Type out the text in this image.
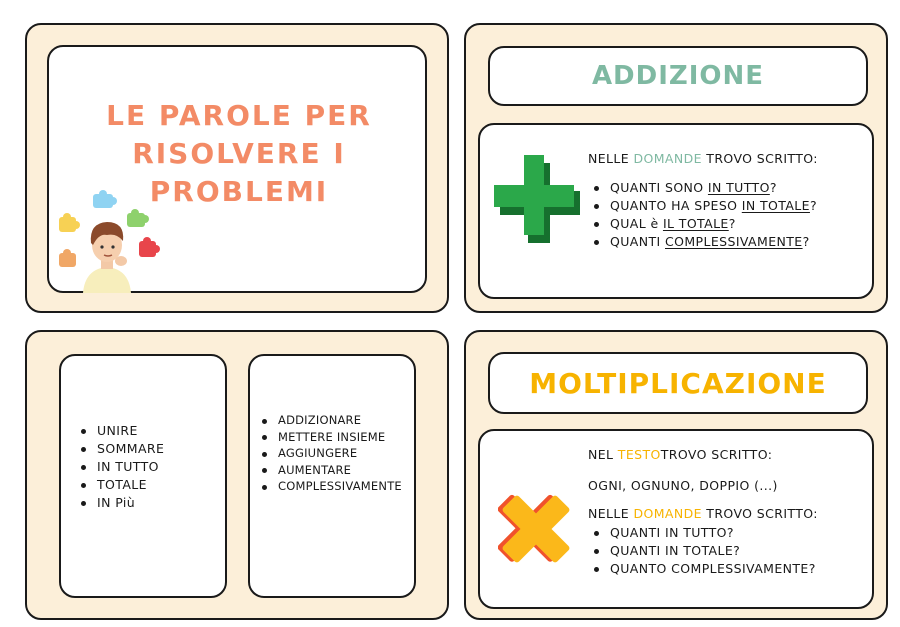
LE PAROLE PER RISOLVERE I PROBLEMI
ADDIZIONE
NELLE DOMANDE TROVO SCRITTO:
QUANTI SONO IN TUTTO?
QUANTO HA SPESO IN TOTALE?
QUAL è IL TOTALE?
QUANTI COMPLESSIVAMENTE?
UNIRE
SOMMARE
IN TUTTO
TOTALE
IN Più
ADDIZIONARE
METTERE INSIEME
AGGIUNGERE
AUMENTARE
COMPLESSIVAMENTE
MOLTIPLICAZIONE
NEL TESTOTROVO SCRITTO:
OGNI, OGNUNO, DOPPIO (...)
NELLE DOMANDE TROVO SCRITTO:
QUANTI IN TUTTO?
QUANTI IN TOTALE?
QUANTO COMPLESSIVAMENTE?
